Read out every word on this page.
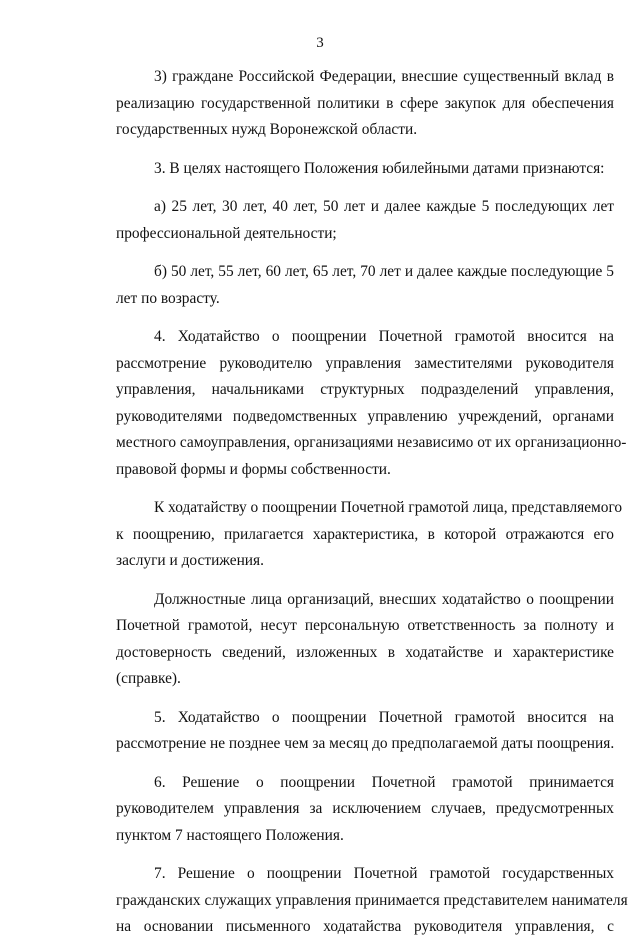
3
3) граждане Российской Федерации, внесшие существенный вклад в
реализацию государственной политики в сфере закупок для обеспечения
государственных нужд Воронежской области.
3. В целях настоящего Положения юбилейными датами признаются:
а) 25 лет, 30 лет, 40 лет, 50 лет и далее каждые 5 последующих лет
профессиональной деятельности;
б) 50 лет, 55 лет, 60 лет, 65 лет, 70 лет и далее каждые последующие 5
лет по возрасту.
4. Ходатайство о поощрении Почетной грамотой вносится на
рассмотрение руководителю управления заместителями руководителя
управления, начальниками структурных подразделений управления,
руководителями подведомственных управлению учреждений, органами
местного самоуправления, организациями независимо от их организационно-
правовой формы и формы собственности.
К ходатайству о поощрении Почетной грамотой лица, представляемого
к поощрению, прилагается характеристика, в которой отражаются его
заслуги и достижения.
Должностные лица организаций, внесших ходатайство о поощрении
Почетной грамотой, несут персональную ответственность за полноту и
достоверность сведений, изложенных в ходатайстве и характеристике
(справке).
5. Ходатайство о поощрении Почетной грамотой вносится на
рассмотрение не позднее чем за месяц до предполагаемой даты поощрения.
6. Решение о поощрении Почетной грамотой принимается
руководителем управления за исключением случаев, предусмотренных
пунктом 7 настоящего Положения.
7. Решение о поощрении Почетной грамотой государственных
гражданских служащих управления принимается представителем нанимателя
на основании письменного ходатайства руководителя управления, с
